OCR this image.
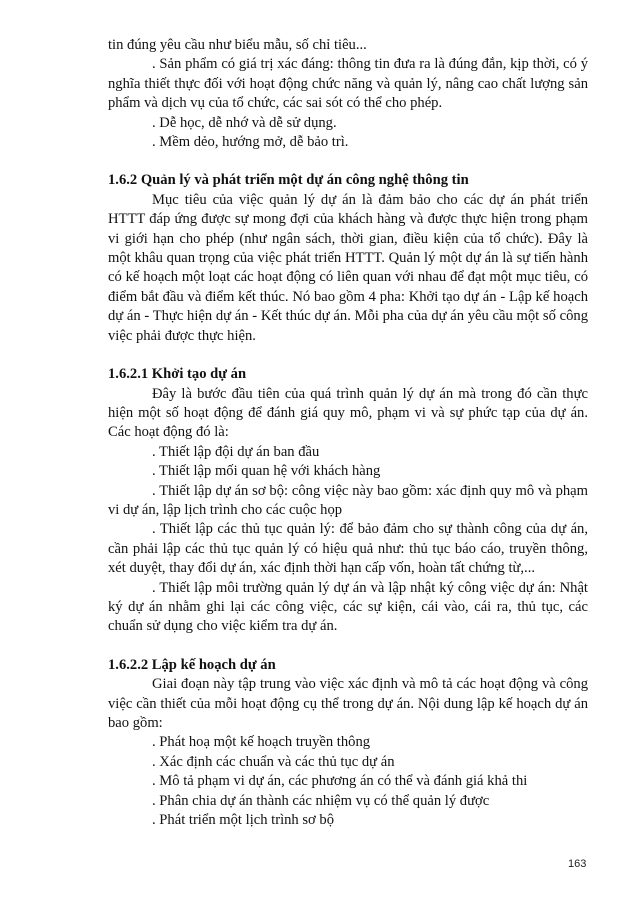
tin đúng yêu cầu như biểu mẫu, số chỉ tiêu...

. Sản phẩm có giá trị xác đáng: thông tin đưa ra là đúng đắn, kịp thời, có ý nghĩa thiết thực đối với hoạt động chức năng và quản lý, nâng cao chất lượng sản phẩm và dịch vụ của tổ chức, các sai sót có thể cho phép.

. Dễ học, dễ nhớ và dễ sử dụng.

. Mềm dẻo, hướng mở, dễ bảo trì.

1.6.2 Quản lý và phát triển một dự án công nghệ thông tin

Mục tiêu của việc quản lý dự án là đảm bảo cho các dự án phát triển HTTT đáp ứng được sự mong đợi của khách hàng và được thực hiện trong phạm vi giới hạn cho phép (như ngân sách, thời gian, điều kiện của tổ chức). Đây là một khâu quan trọng của việc phát triển HTTT. Quản lý một dự án là sự tiến hành có kế hoạch một loạt các hoạt động có liên quan với nhau để đạt một mục tiêu, có điểm bắt đầu và điểm kết thúc. Nó bao gồm 4 pha: Khởi tạo dự án - Lập kế hoạch dự án - Thực hiện dự án - Kết thúc dự án. Mỗi pha của dự án yêu cầu một số công việc phải được thực hiện.

1.6.2.1 Khởi tạo dự án

Đây là bước đầu tiên của quá trình quản lý dự án mà trong đó cần thực hiện một số hoạt động để đánh giá quy mô, phạm vi và sự phức tạp của dự án. Các hoạt động đó là:

. Thiết lập đội dự án ban đầu

. Thiết lập mối quan hệ với khách hàng

. Thiết lập dự án sơ bộ: công việc này bao gồm: xác định quy mô và phạm vi dự án, lập lịch trình cho các cuộc họp

. Thiết lập các thủ tục quản lý: để bảo đảm cho sự thành công của dự án, cần phải lập các thủ tục quản lý có hiệu quả như: thủ tục báo cáo, truyền thông, xét duyệt, thay đổi dự án, xác định thời hạn cấp vốn, hoàn tất chứng từ,...

. Thiết lập môi trường quản lý dự án và lập nhật ký công việc dự án: Nhật ký dự án nhằm ghi lại các công việc, các sự kiện, cái vào, cái ra, thủ tục, các chuẩn sử dụng cho việc kiểm tra dự án.

1.6.2.2 Lập kế hoạch dự án

Giai đoạn này tập trung vào việc xác định và mô tả các hoạt động và công việc cần thiết của mỗi hoạt động cụ thể trong dự án. Nội dung lập kế hoạch dự án bao gồm:

. Phát hoạ một kế hoạch truyền thông

. Xác định các chuẩn và các thủ tục dự án

. Mô tả phạm vi dự án, các phương án có thể và đánh giá khả thi

. Phân chia dự án thành các nhiệm vụ có thể quản lý được

. Phát triển một lịch trình sơ bộ

163
